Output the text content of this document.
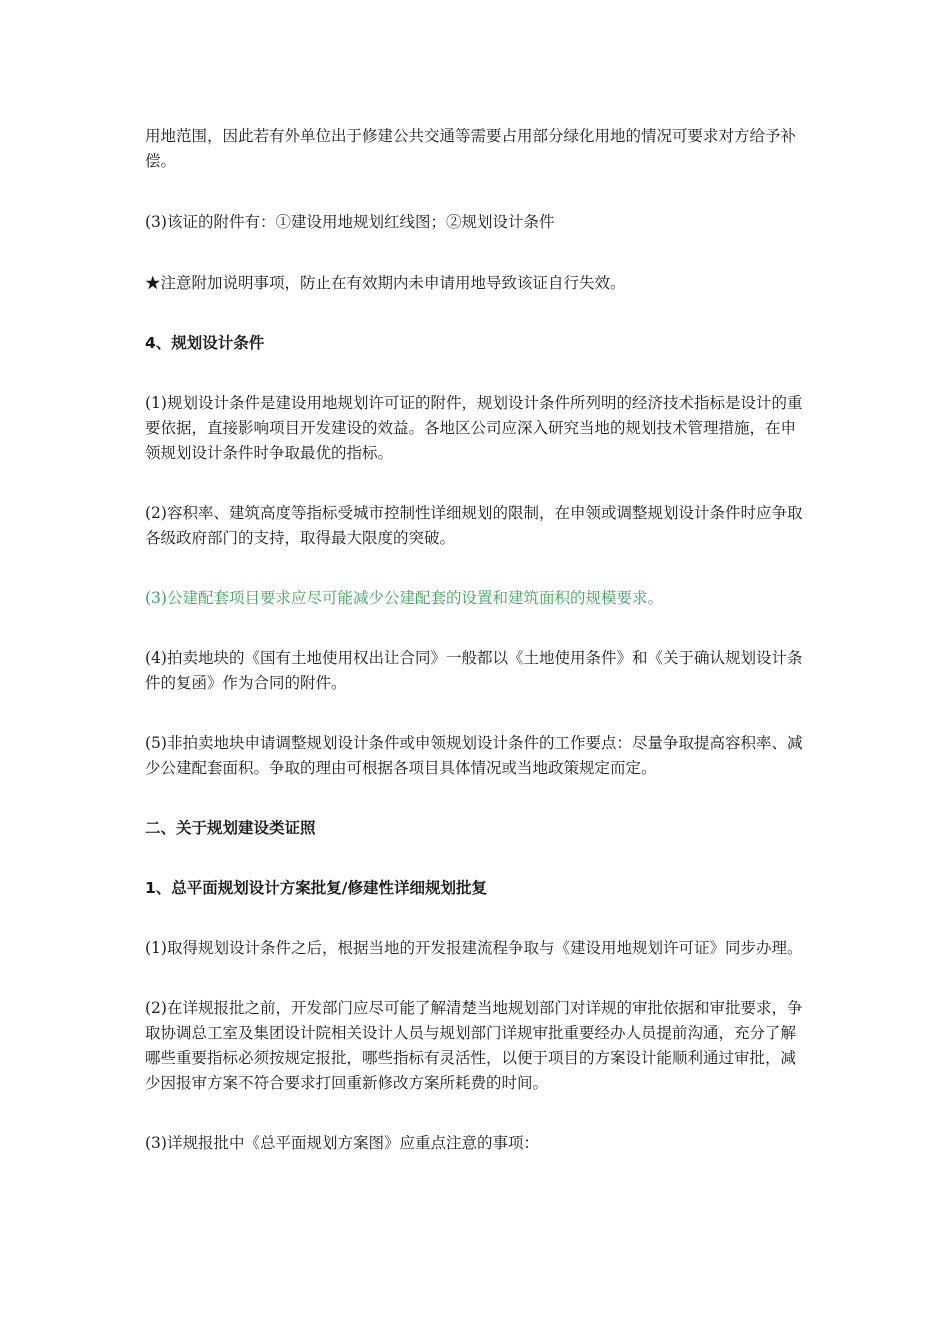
用地范围，因此若有外单位出于修建公共交通等需要占用部分绿化用地的情况可要求对方给予补偿。

(3)该证的附件有：①建设用地规划红线图；②规划设计条件

★注意附加说明事项，防止在有效期内未申请用地导致该证自行失效。

4、规划设计条件

(1)规划设计条件是建设用地规划许可证的附件，规划设计条件所列明的经济技术指标是设计的重要依据，直接影响项目开发建设的效益。各地区公司应深入研究当地的规划技术管理措施，在申领规划设计条件时争取最优的指标。

(2)容积率、建筑高度等指标受城市控制性详细规划的限制，在申领或调整规划设计条件时应争取各级政府部门的支持，取得最大限度的突破。

(3)公建配套项目要求应尽可能减少公建配套的设置和建筑面积的规模要求。

(4)拍卖地块的《国有土地使用权出让合同》一般都以《土地使用条件》和《关于确认规划设计条件的复函》作为合同的附件。

(5)非拍卖地块申请调整规划设计条件或申领规划设计条件的工作要点：尽量争取提高容积率、减少公建配套面积。争取的理由可根据各项目具体情况或当地政策规定而定。

二、关于规划建设类证照

1、总平面规划设计方案批复/修建性详细规划批复

(1)取得规划设计条件之后，根据当地的开发报建流程争取与《建设用地规划许可证》同步办理。

(2)在详规报批之前，开发部门应尽可能了解清楚当地规划部门对详规的审批依据和审批要求，争取协调总工室及集团设计院相关设计人员与规划部门详规审批重要经办人员提前沟通，充分了解哪些重要指标必须按规定报批，哪些指标有灵活性，以便于项目的方案设计能顺利通过审批，减少因报审方案不符合要求打回重新修改方案所耗费的时间。

(3)详规报批中《总平面规划方案图》应重点注意的事项：
